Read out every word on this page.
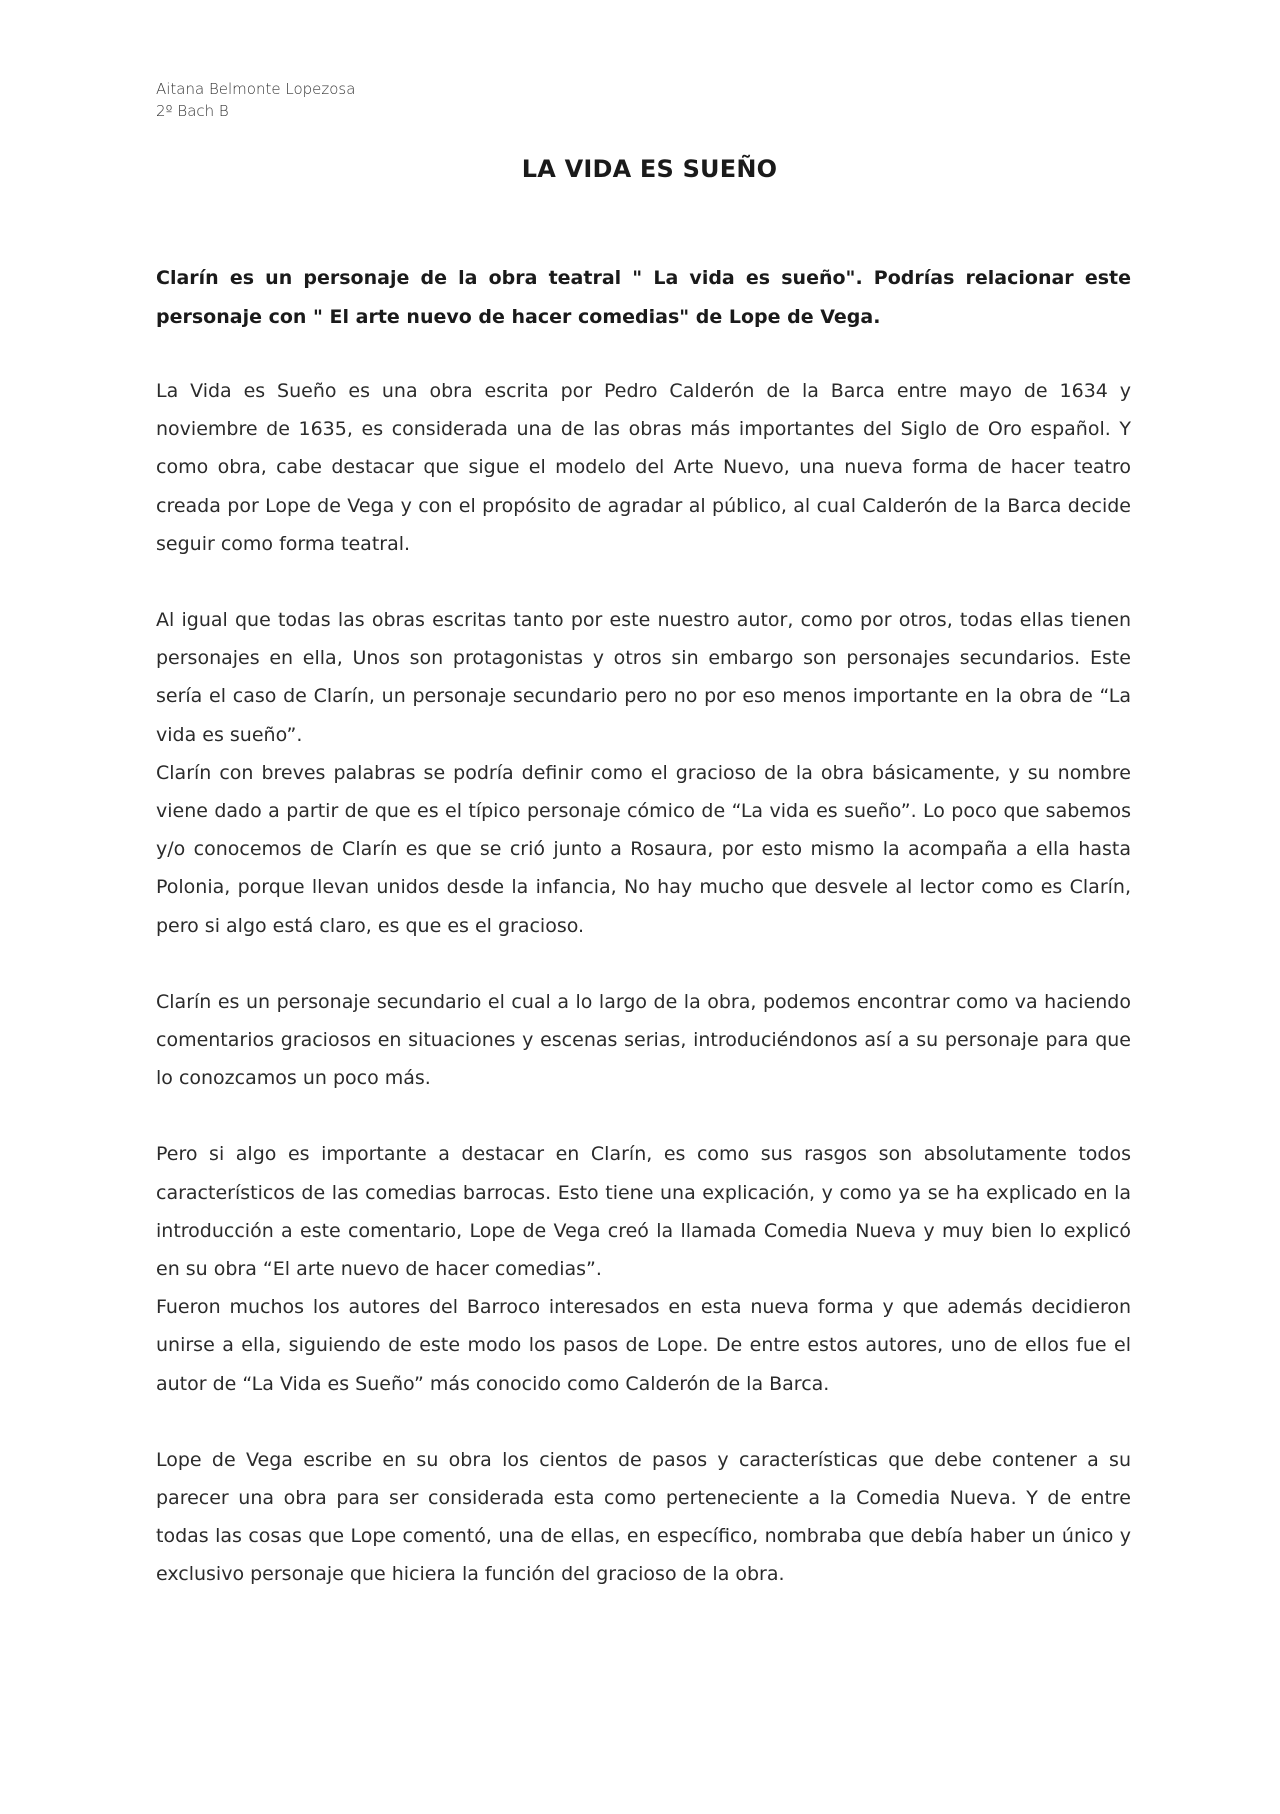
Aitana Belmonte Lopezosa
2º Bach B
LA VIDA ES SUEÑO
Clarín es un personaje de la obra teatral " La vida es sueño". Podrías relacionar este personaje con " El arte nuevo de hacer comedias" de Lope de Vega.

La Vida es Sueño es una obra escrita por Pedro Calderón de la Barca entre mayo de 1634 y noviembre de 1635, es considerada una de las obras más importantes del Siglo de Oro español. Y como obra, cabe destacar que sigue el modelo del Arte Nuevo, una nueva forma de hacer teatro creada por Lope de Vega y con el propósito de agradar al público, al cual Calderón de la Barca decide seguir como forma teatral.

Al igual que todas las obras escritas tanto por este nuestro autor, como por otros, todas ellas tienen personajes en ella, Unos son protagonistas y otros sin embargo son personajes secundarios. Este sería el caso de Clarín, un personaje secundario pero no por eso menos importante en la obra de “La vida es sueño”.

Clarín con breves palabras se podría definir como el gracioso de la obra básicamente, y su nombre viene dado a partir de que es el típico personaje cómico de “La vida es sueño”. Lo poco que sabemos y/o conocemos de Clarín es que se crió junto a Rosaura, por esto mismo la acompaña a ella hasta Polonia, porque llevan unidos desde la infancia, No hay mucho que desvele al lector como es Clarín, pero si algo está claro, es que es el gracioso.

Clarín es un personaje secundario el cual a lo largo de la obra, podemos encontrar como va haciendo comentarios graciosos en situaciones y escenas serias, introduciéndonos así a su personaje para que lo conozcamos un poco más.

Pero si algo es importante a destacar en Clarín, es como sus rasgos son absolutamente todos característicos de las comedias barrocas. Esto tiene una explicación, y como ya se ha explicado en la introducción a este comentario, Lope de Vega creó la llamada Comedia Nueva y muy bien lo explicó en su obra “El arte nuevo de hacer comedias”.

Fueron muchos los autores del Barroco interesados en esta nueva forma y que además decidieron unirse a ella, siguiendo de este modo los pasos de Lope. De entre estos autores, uno de ellos fue el autor de “La Vida es Sueño” más conocido como Calderón de la Barca.

Lope de Vega escribe en su obra los cientos de pasos y características que debe contener a su parecer una obra para ser considerada esta como perteneciente a la Comedia Nueva. Y de entre todas las cosas que Lope comentó, una de ellas, en específico, nombraba que debía haber un único y exclusivo personaje que hiciera la función del gracioso de la obra.
